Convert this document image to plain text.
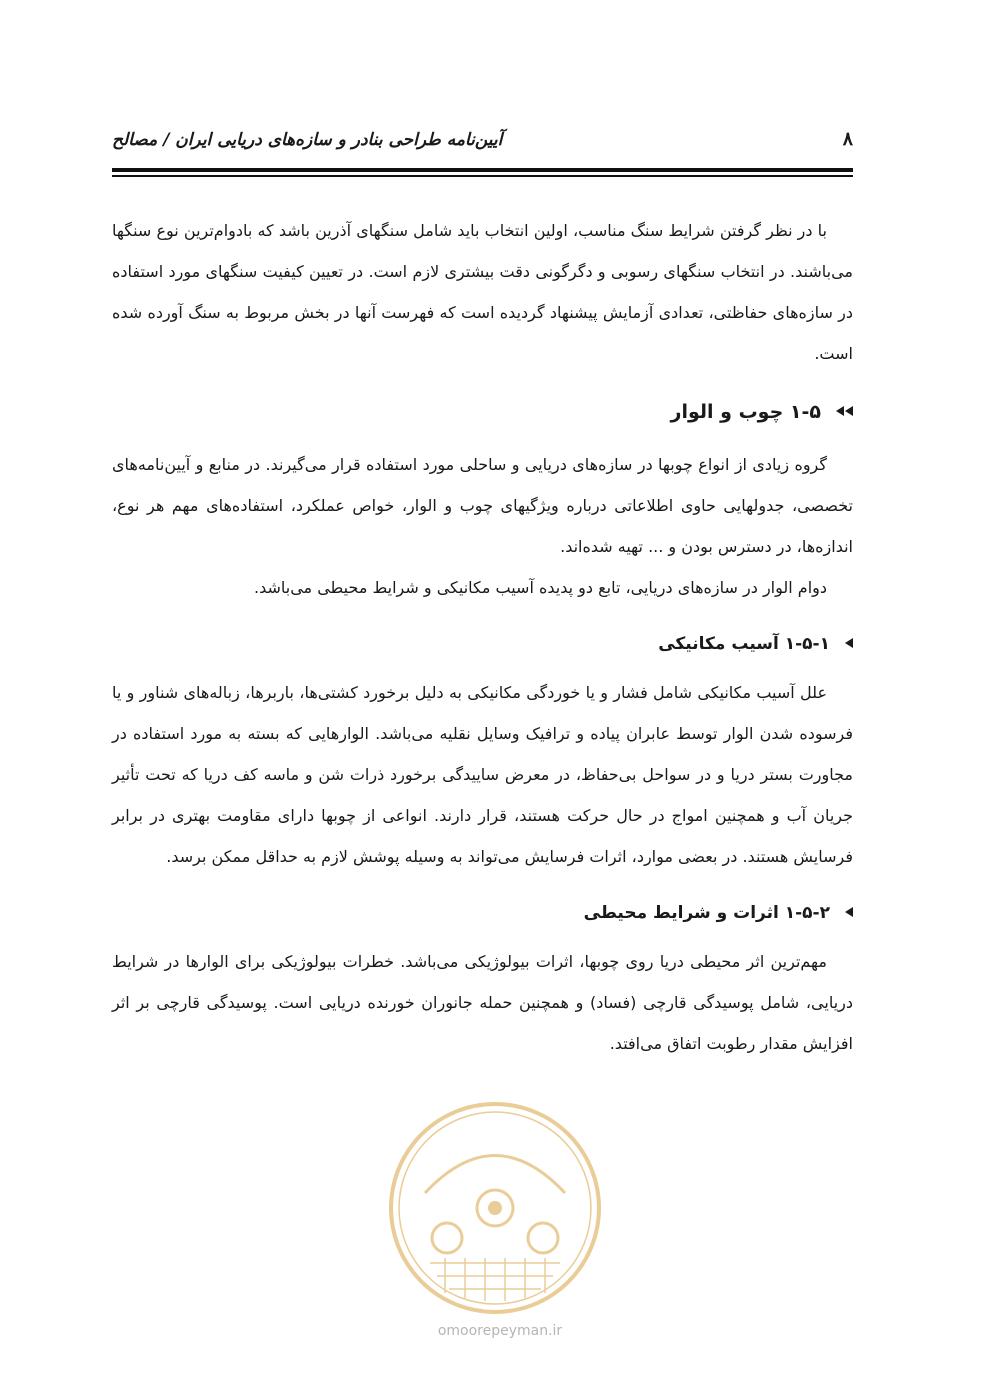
آیین‌نامه طراحی بنادر و سازه‌های دریایی ایران / مصالح	۸

با در نظر گرفتن شرایط سنگ مناسب، اولین انتخاب باید شامل سنگهای آذرین باشد که بادوام‌ترین نوع سنگها می‌باشند. در انتخاب سنگهای رسوبی و دگرگونی دقت بیشتری لازم است. در تعیین کیفیت سنگهای مورد استفاده در سازه‌های حفاظتی، تعدادی آزمایش پیشنهاد گردیده است که فهرست آنها در بخش مربوط به سنگ آورده شده است.

۱-۵ چوب و الوار

گروه زیادی از انواع چوبها در سازه‌های دریایی و ساحلی مورد استفاده قرار می‌گیرند. در منابع و آیین‌نامه‌های تخصصی، جدولهایی حاوی اطلاعاتی درباره ویژگیهای چوب و الوار، خواص عملکرد، استفاده‌های مهم هر نوع، اندازه‌ها، در دسترس بودن و ... تهیه شده‌اند.

دوام الوار در سازه‌های دریایی، تابع دو پدیده آسیب مکانیکی و شرایط محیطی می‌باشد.

۱-۵-۱ آسیب مکانیکی

علل آسیب مکانیکی شامل فشار و یا خوردگی مکانیکی به دلیل برخورد کشتی‌ها، باربرها، زباله‌های شناور و یا فرسوده شدن الوار توسط عابران پیاده و ترافیک وسایل نقلیه می‌باشد. الوارهایی که بسته به مورد استفاده در مجاورت بستر دریا و در سواحل بی‌حفاظ، در معرض ساییدگی برخورد ذرات شن و ماسه کف دریا که تحت تأثیر جریان آب و همچنین امواج در حال حرکت هستند، قرار دارند. انواعی از چوبها دارای مقاومت بهتری در برابر فرسایش هستند. در بعضی موارد، اثرات فرسایش می‌تواند به وسیله پوشش لازم به حداقل ممکن برسد.

۱-۵-۲ اثرات و شرایط محیطی

مهم‌ترین اثر محیطی دریا روی چوبها، اثرات بیولوژیکی می‌باشد. خطرات بیولوژیکی برای الوارها در شرایط دریایی، شامل پوسیدگی قارچی (فساد) و همچنین حمله جانوران خورنده دریایی است. پوسیدگی قارچی بر اثر افزایش مقدار رطوبت اتفاق می‌افتد.

omoorepeyman.ir
